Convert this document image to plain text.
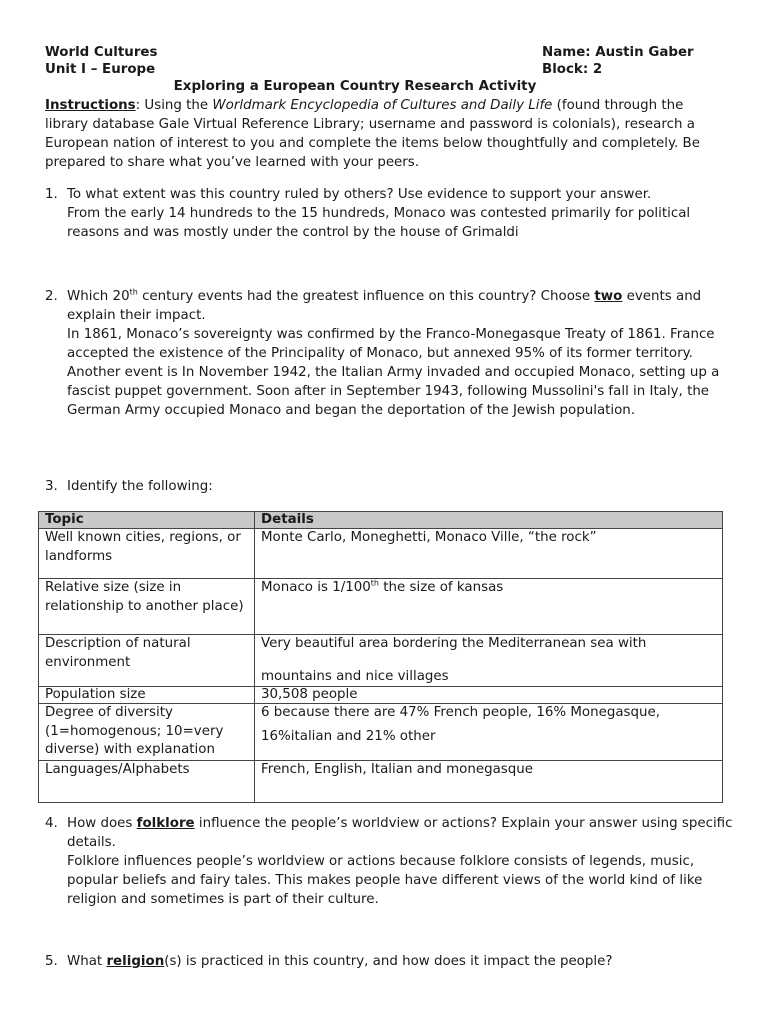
World Cultures	Name: Austin Gaber
Unit I – Europe	Block: 2
Exploring a European Country Research Activity
Instructions: Using the Worldmark Encyclopedia of Cultures and Daily Life (found through the library database Gale Virtual Reference Library; username and password is colonials), research a European nation of interest to you and complete the items below thoughtfully and completely. Be prepared to share what you’ve learned with your peers.
1. To what extent was this country ruled by others? Use evidence to support your answer.
From the early 14 hundreds to the 15 hundreds, Monaco was contested primarily for political reasons and was mostly under the control by the house of Grimaldi
2. Which 20th century events had the greatest influence on this country? Choose two events and explain their impact.
In 1861, Monaco’s sovereignty was confirmed by the Franco-Monegasque Treaty of 1861. France accepted the existence of the Principality of Monaco, but annexed 95% of its former territory. Another event is In November 1942, the Italian Army invaded and occupied Monaco, setting up a fascist puppet government. Soon after in September 1943, following Mussolini's fall in Italy, the German Army occupied Monaco and began the deportation of the Jewish population.
3. Identify the following:
4. How does folklore influence the people’s worldview or actions? Explain your answer using specific details.
Folklore influences people’s worldview or actions because folklore consists of legends, music, popular beliefs and fairy tales. This makes people have different views of the world kind of like religion and sometimes is part of their culture.
5. What religion(s) is practiced in this country, and how does it impact the people?
Topic	Details
Well known cities, regions, or landforms	Monte Carlo, Moneghetti, Monaco Ville, “the rock”
Relative size (size in relationship to another place)	Monaco is 1/100th the size of kansas
Description of natural environment	Very beautiful area bordering the Mediterranean sea with
mountains and nice villages
Population size	30,508 people
Degree of diversity (1=homogenous; 10=very diverse) with explanation	6 because there are 47% French people, 16% Monegasque,

16%italian and 21% other
Languages/Alphabets	French, English, Italian and monegasque
